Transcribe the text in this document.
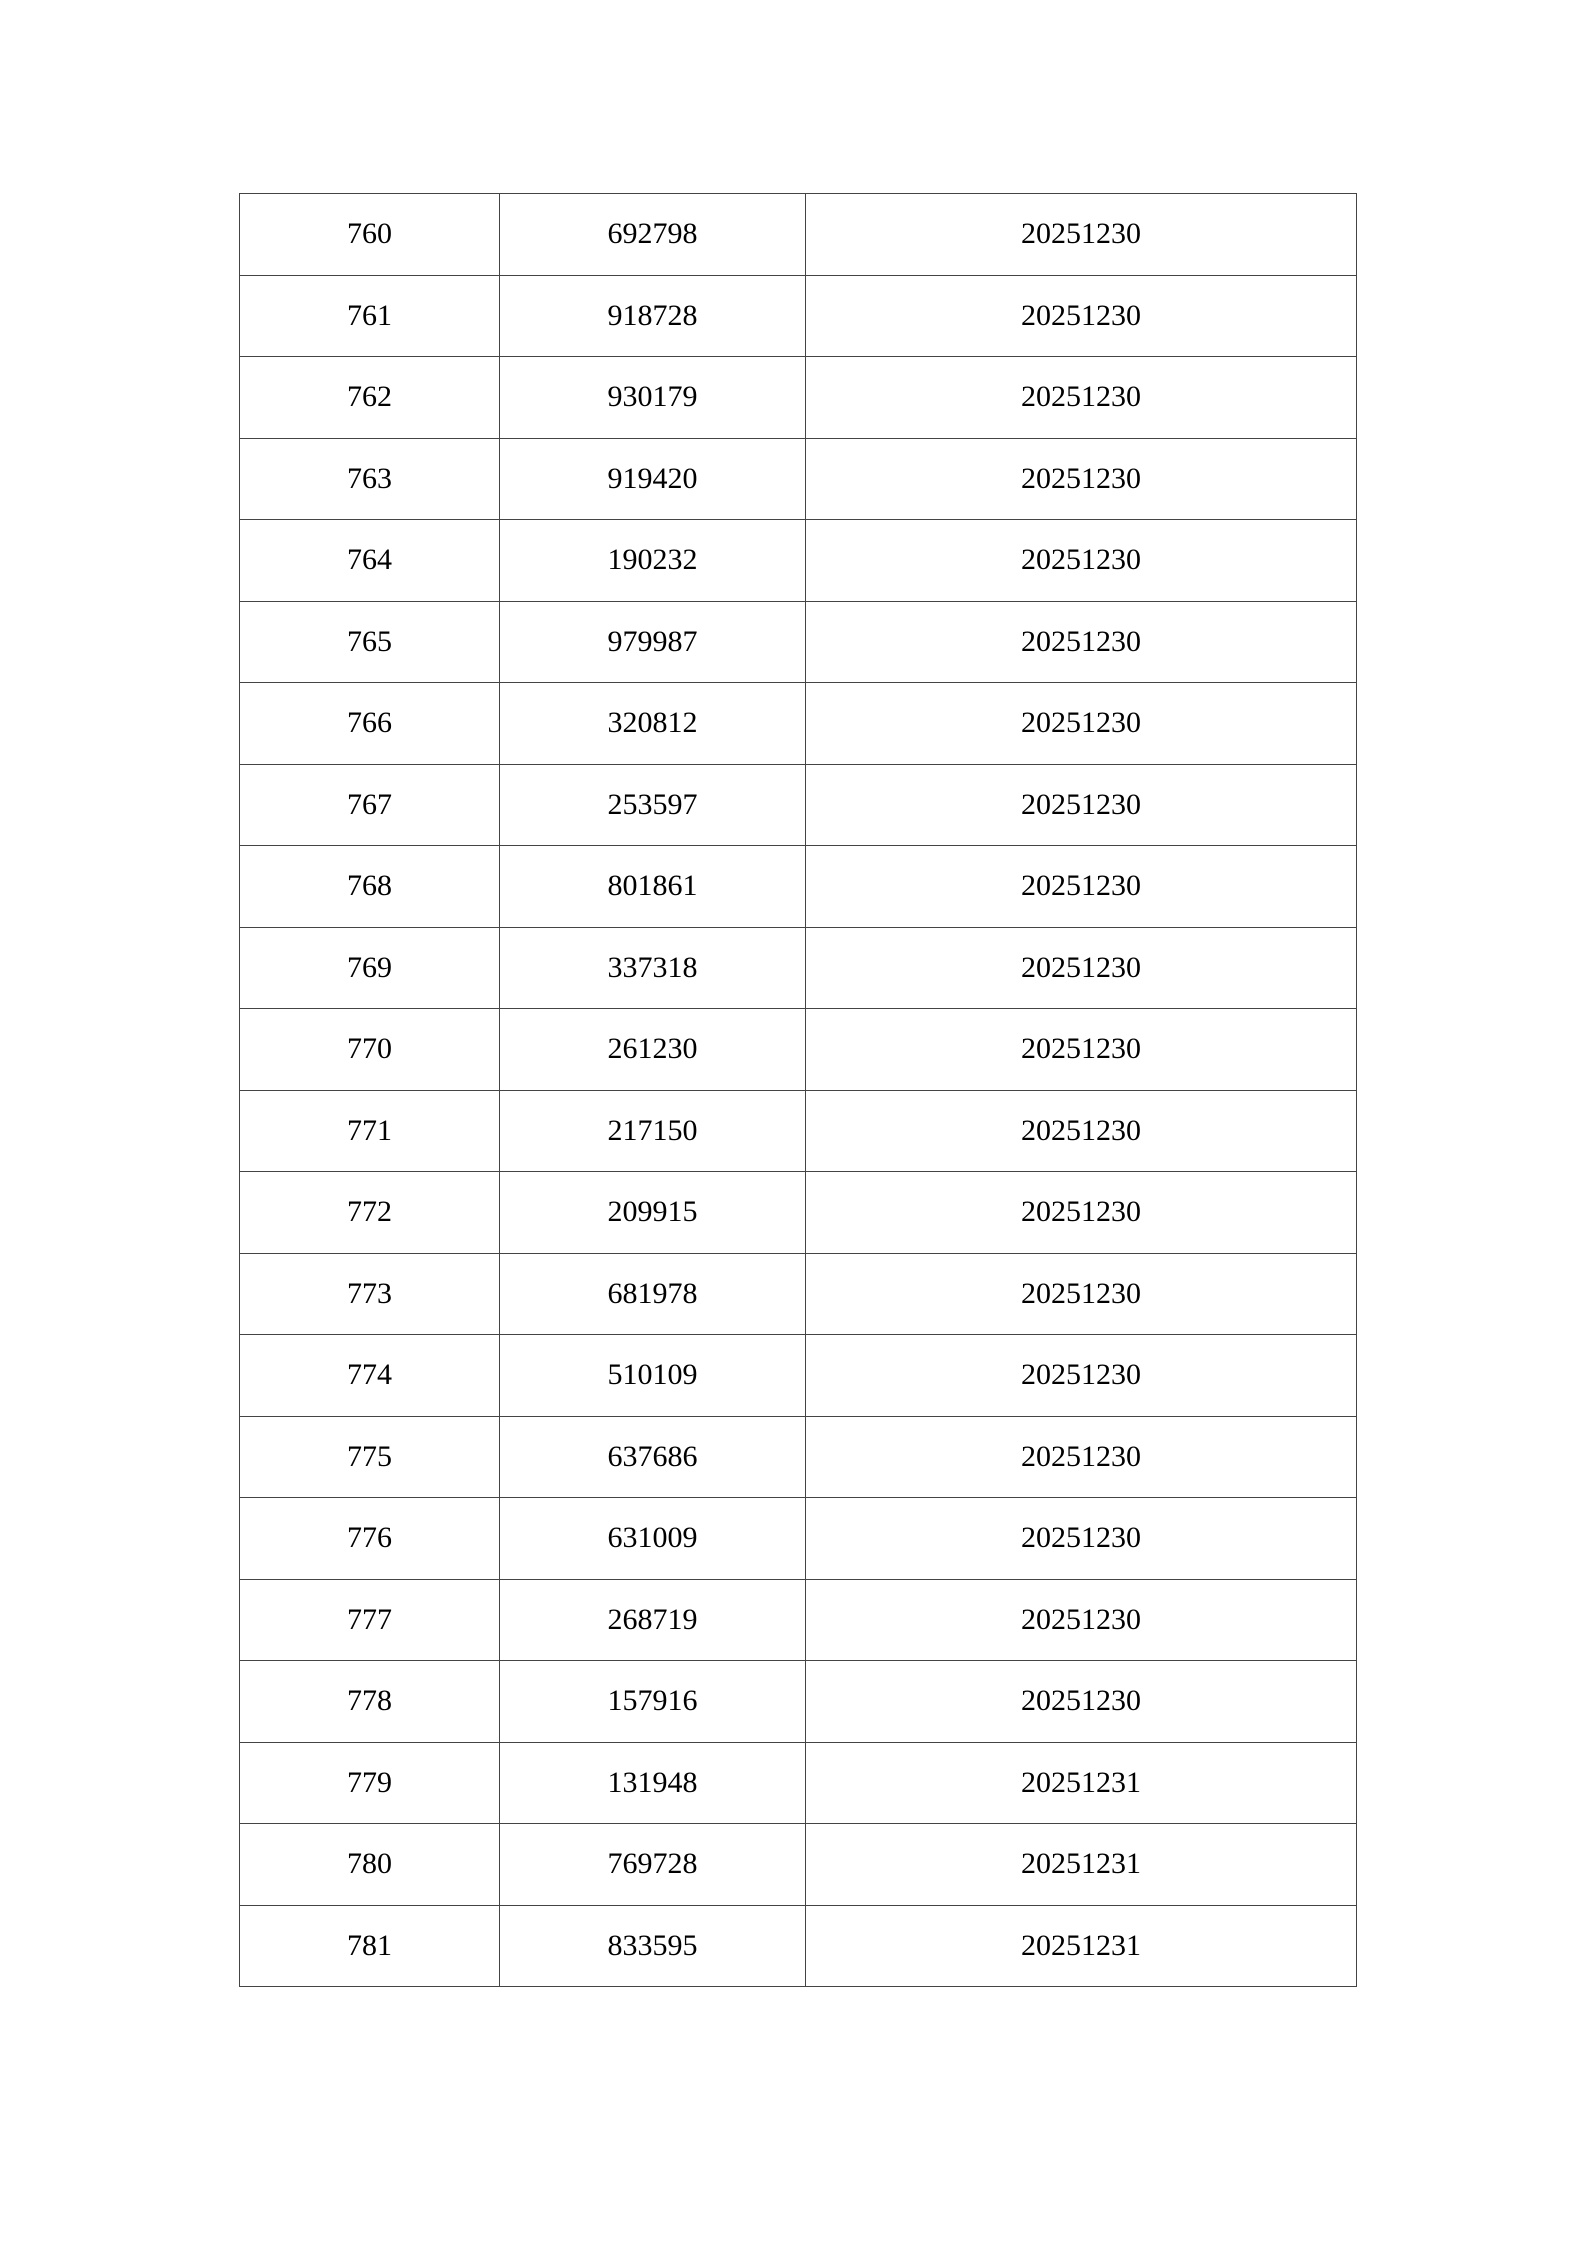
760	692798	20251230
761	918728	20251230
762	930179	20251230
763	919420	20251230
764	190232	20251230
765	979987	20251230
766	320812	20251230
767	253597	20251230
768	801861	20251230
769	337318	20251230
770	261230	20251230
771	217150	20251230
772	209915	20251230
773	681978	20251230
774	510109	20251230
775	637686	20251230
776	631009	20251230
777	268719	20251230
778	157916	20251230
779	131948	20251231
780	769728	20251231
781	833595	20251231
